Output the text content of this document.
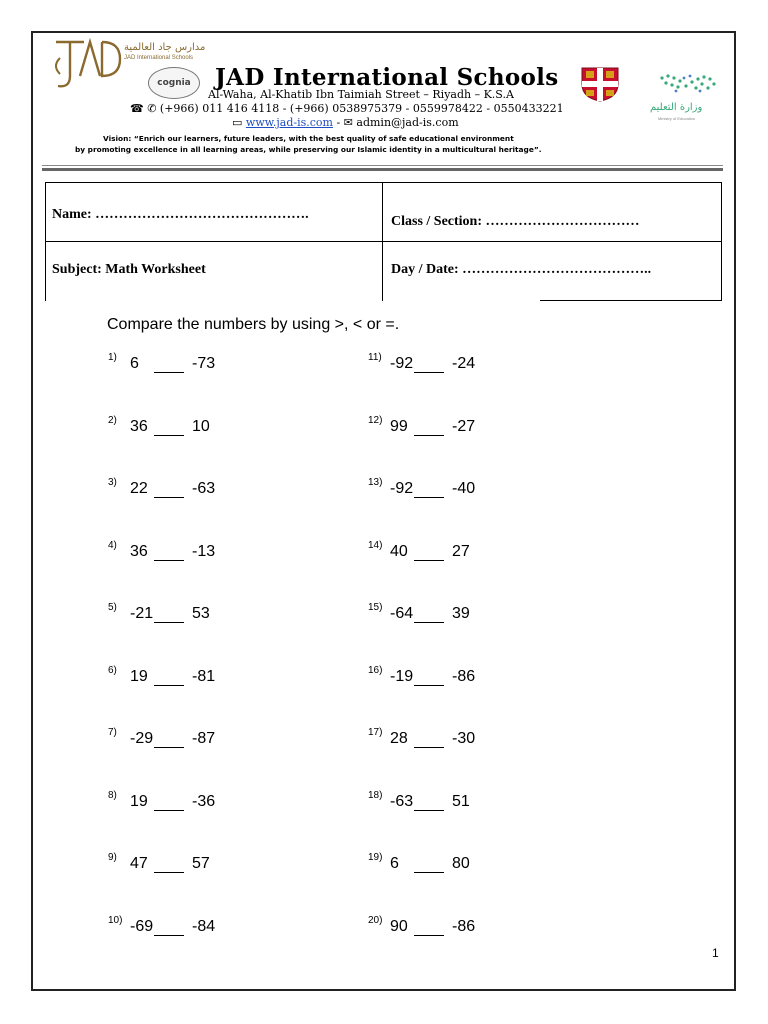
مدارس جاد العالمية
JAD International Schools
cognia	JAD International Schools
وزارة التعليم
Ministry of Education
Al-Waha, Al-Khatib Ibn Taimiah Street – Riyadh – K.S.A
☎ ✆ (+966) 011 416 4118 - (+966) 0538975379 - 0559978422 - 0550433221
▭ www.jad-is.com - ✉ admin@jad-is.com
Vision: “Enrich our learners, future leaders, with the best quality of safe educational environment
by promoting excellence in all learning areas, while preserving our Islamic identity in a multicultural heritage”.
Name: ……………………………………….	Class / Section: ……………………………
Subject: Math Worksheet	Day / Date: …………………………………..
Compare the numbers by using >, < or =.
1) 6	-73
2) 36	10
3) 22	-63
4) 36	-13
5) -21 53
6) 19	-81
7) -29 -87
8) 19	-36
9) 47	57
10) -69 -84
11) -92 -24
12) 99	-27
13) -92 -40
14) 40	27
15) -64 39
16) -19 -86
17) 28	-30
18) -63 51
19) 6	80
20) 90	-86
1
